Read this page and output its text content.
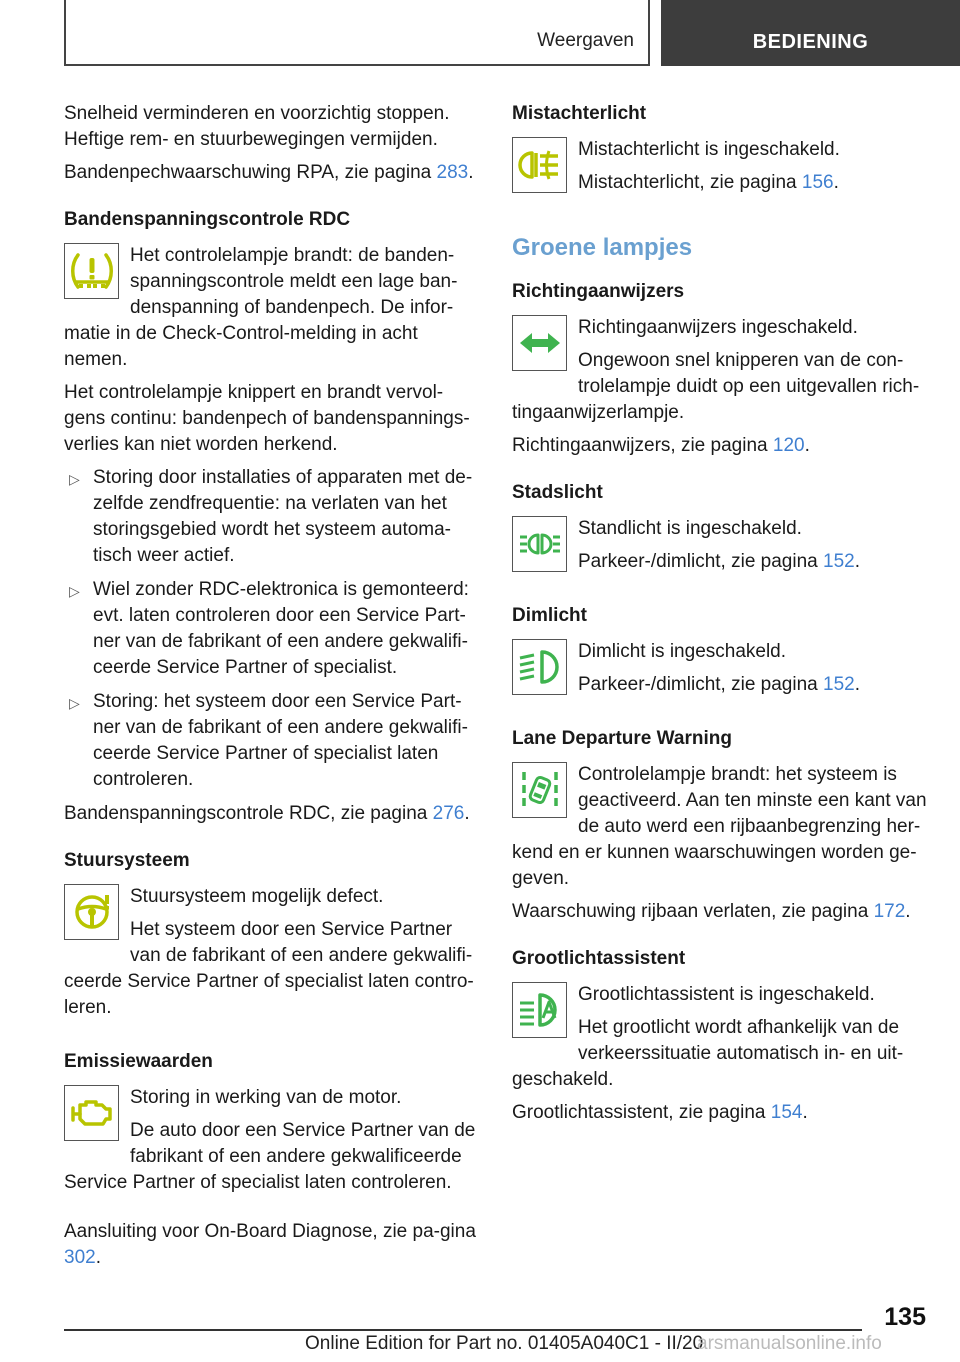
Weergaven	BEDIENING

Snelheid verminderen en voorzichtig stoppen. Heftige rem- en stuurbewegingen vermijden.

Bandenpechwaarschuwing RPA, zie pagina 283.

Bandenspanningscontrole RDC

Het controlelampje brandt: de banden-spanningscontrole meldt een lage ban-denspanning of bandenpech. De infor-matie in de Check-Control-melding in acht nemen.

Het controlelampje knippert en brandt vervol-gens continu: bandenpech of bandenspannings-verlies kan niet worden herkend.

▷ Storing door installaties of apparaten met de-zelfde zendfrequentie: na verlaten van het storingsgebied wordt het systeem automa-tisch weer actief.
▷ Wiel zonder RDC-elektronica is gemonteerd: evt. laten controleren door een Service Part-ner van de fabrikant of een andere gekwalifi-ceerde Service Partner of specialist.
▷ Storing: het systeem door een Service Part-ner van de fabrikant of een andere gekwalifi-ceerde Service Partner of specialist laten controleren.

Bandenspanningscontrole RDC, zie pagina 276.

Stuursysteem

Stuursysteem mogelijk defect.

Het systeem door een Service Partner van de fabrikant of een andere gekwalifi-ceerde Service Partner of specialist laten contro-leren.

Emissiewaarden

Storing in werking van de motor.

De auto door een Service Partner van de fabrikant of een andere gekwalificeerde Service Partner of specialist laten controleren.

Aansluiting voor On-Board Diagnose, zie pa-gina 302.

Mistachterlicht

Mistachterlicht is ingeschakeld.

Mistachterlicht, zie pagina 156.

Groene lampjes
Richtingaanwijzers

Richtingaanwijzers ingeschakeld.

Ongewoon snel knipperen van de con-trolelampje duidt op een uitgevallen rich-tingaanwijzerlampje.

Richtingaanwijzers, zie pagina 120.

Stadslicht

Standlicht is ingeschakeld.

Parkeer-/dimlicht, zie pagina 152.

Dimlicht

Dimlicht is ingeschakeld.

Parkeer-/dimlicht, zie pagina 152.

Lane Departure Warning

Controlelampje brandt: het systeem is geactiveerd. Aan ten minste een kant van de auto werd een rijbaanbegrenzing her-kend en er kunnen waarschuwingen worden ge-geven.

Waarschuwing rijbaan verlaten, zie pagina 172.

Grootlichtassistent

Grootlichtassistent is ingeschakeld.

Het grootlicht wordt afhankelijk van de verkeerssituatie automatisch in- en uit-geschakeld.

Grootlichtassistent, zie pagina 154.

135
Online Edition for Part no. 01405A040C1 - II/20
arsmanualsonline.info
